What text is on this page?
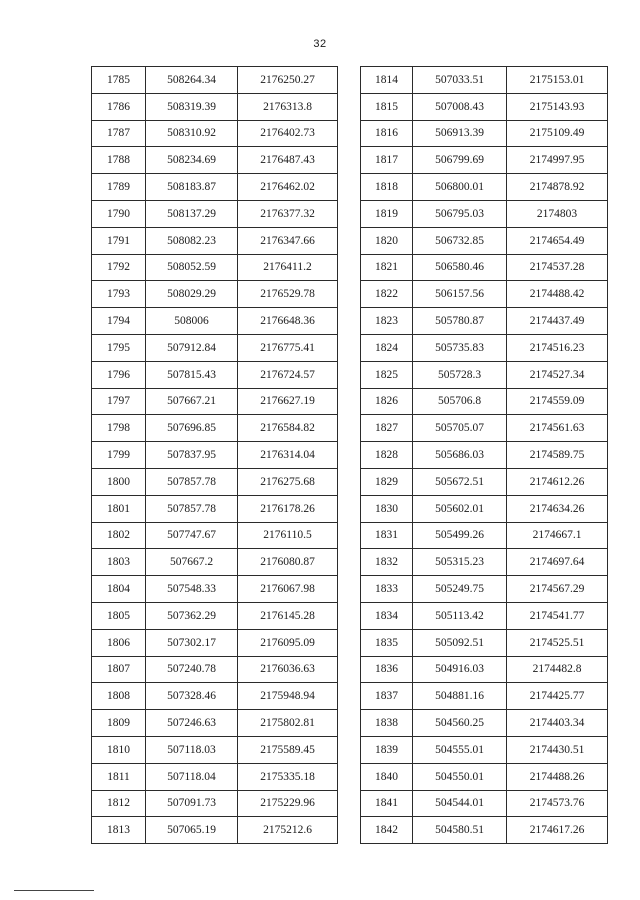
32
1785	508264.34	2176250.27
1786	508319.39	2176313.8
1787	508310.92	2176402.73
1788	508234.69	2176487.43
1789	508183.87	2176462.02
1790	508137.29	2176377.32
1791	508082.23	2176347.66
1792	508052.59	2176411.2
1793	508029.29	2176529.78
1794	508006	2176648.36
1795	507912.84	2176775.41
1796	507815.43	2176724.57
1797	507667.21	2176627.19
1798	507696.85	2176584.82
1799	507837.95	2176314.04
1800	507857.78	2176275.68
1801	507857.78	2176178.26
1802	507747.67	2176110.5
1803	507667.2	2176080.87
1804	507548.33	2176067.98
1805	507362.29	2176145.28
1806	507302.17	2176095.09
1807	507240.78	2176036.63
1808	507328.46	2175948.94
1809	507246.63	2175802.81
1810	507118.03	2175589.45
1811	507118.04	2175335.18
1812	507091.73	2175229.96
1813	507065.19	2175212.6
1814	507033.51	2175153.01
1815	507008.43	2175143.93
1816	506913.39	2175109.49
1817	506799.69	2174997.95
1818	506800.01	2174878.92
1819	506795.03	2174803
1820	506732.85	2174654.49
1821	506580.46	2174537.28
1822	506157.56	2174488.42
1823	505780.87	2174437.49
1824	505735.83	2174516.23
1825	505728.3	2174527.34
1826	505706.8	2174559.09
1827	505705.07	2174561.63
1828	505686.03	2174589.75
1829	505672.51	2174612.26
1830	505602.01	2174634.26
1831	505499.26	2174667.1
1832	505315.23	2174697.64
1833	505249.75	2174567.29
1834	505113.42	2174541.77
1835	505092.51	2174525.51
1836	504916.03	2174482.8
1837	504881.16	2174425.77
1838	504560.25	2174403.34
1839	504555.01	2174430.51
1840	504550.01	2174488.26
1841	504544.01	2174573.76
1842	504580.51	2174617.26
